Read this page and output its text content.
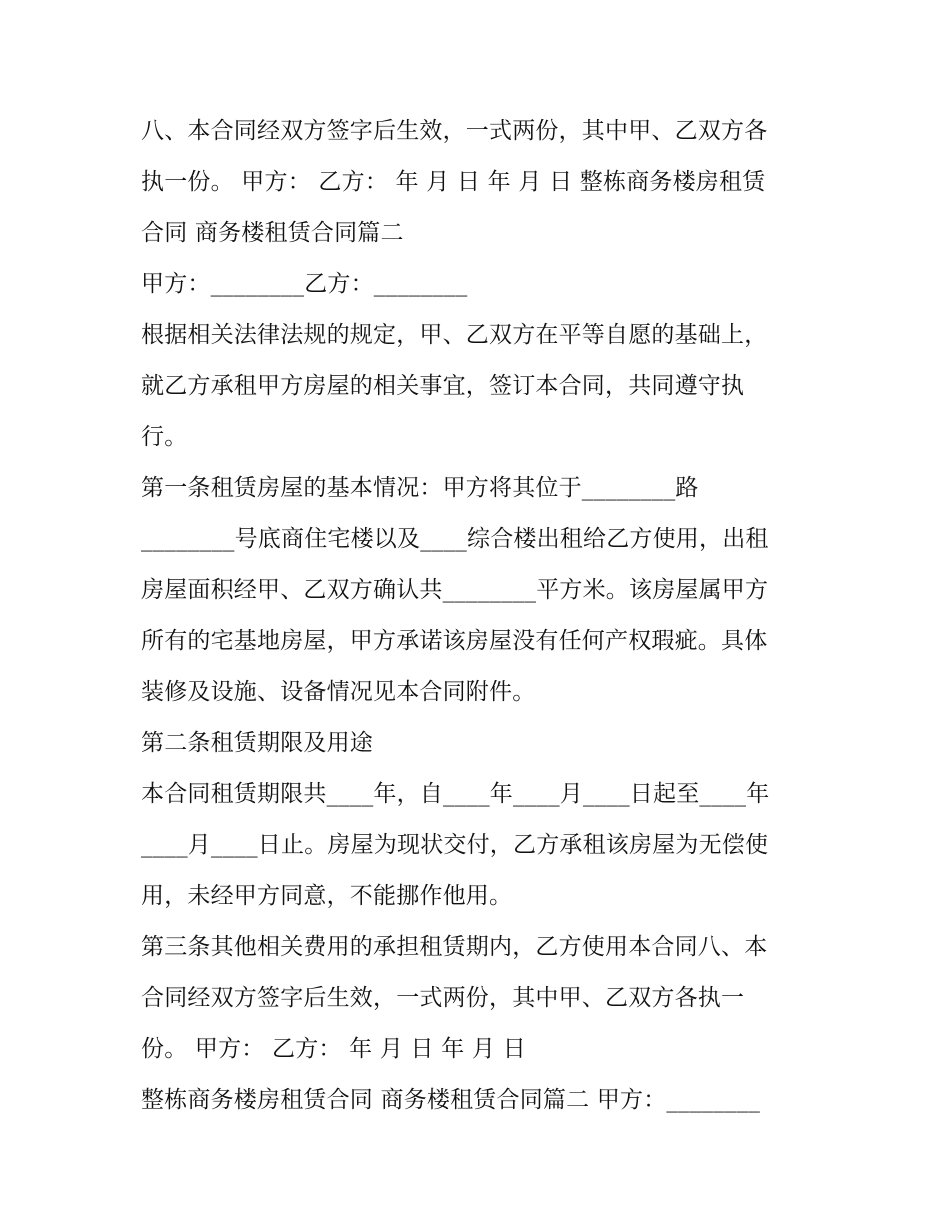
八、本合同经双方签字后生效，一式两份，其中甲、乙双方各
执一份。 甲方： 乙方： 年 月 日 年 月 日 整栋商务楼房租赁
合同 商务楼租赁合同篇二
甲方：________乙方：________
根据相关法律法规的规定，甲、乙双方在平等自愿的基础上，
就乙方承租甲方房屋的相关事宜，签订本合同，共同遵守执
行。
第一条租赁房屋的基本情况：甲方将其位于________路
________号底商住宅楼以及____综合楼出租给乙方使用，出租
房屋面积经甲、乙双方确认共________平方米。该房屋属甲方
所有的宅基地房屋，甲方承诺该房屋没有任何产权瑕疵。具体
装修及设施、设备情况见本合同附件。
第二条租赁期限及用途
本合同租赁期限共____年，自____年____月____日起至____年
____月____日止。房屋为现状交付，乙方承租该房屋为无偿使
用，未经甲方同意，不能挪作他用。
第三条其他相关费用的承担租赁期内，乙方使用本合同八、本
合同经双方签字后生效，一式两份，其中甲、乙双方各执一
份。 甲方： 乙方： 年 月 日 年 月 日
整栋商务楼房租赁合同 商务楼租赁合同篇二 甲方：________
